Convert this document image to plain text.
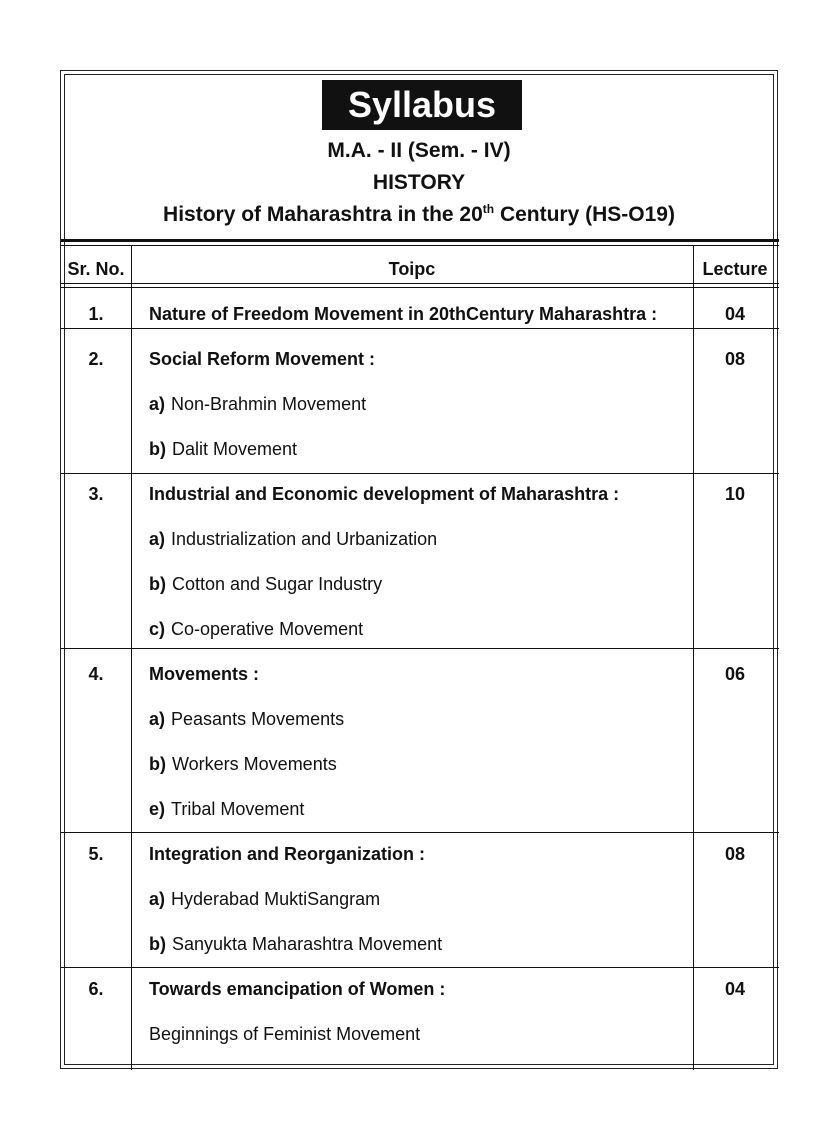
Syllabus
M.A. - II (Sem. - IV)
HISTORY
History of Maharashtra in the 20th Century (HS-O19)
Sr. No.	Toipc	Lecture
1.	Nature of Freedom Movement in 20thCentury Maharashtra :	04
2.	Social Reform Movement :	08
a) Non-Brahmin Movement
b) Dalit Movement
3.	Industrial and Economic development of Maharashtra :	10
a) Industrialization and Urbanization
b) Cotton and Sugar Industry
c) Co-operative Movement
4.	Movements :	06
a) Peasants Movements
b) Workers Movements
e) Tribal Movement
5.	Integration and Reorganization :	08
a) Hyderabad MuktiSangram
b) Sanyukta Maharashtra Movement
6.	Towards emancipation of Women :	04
Beginnings of Feminist Movement
